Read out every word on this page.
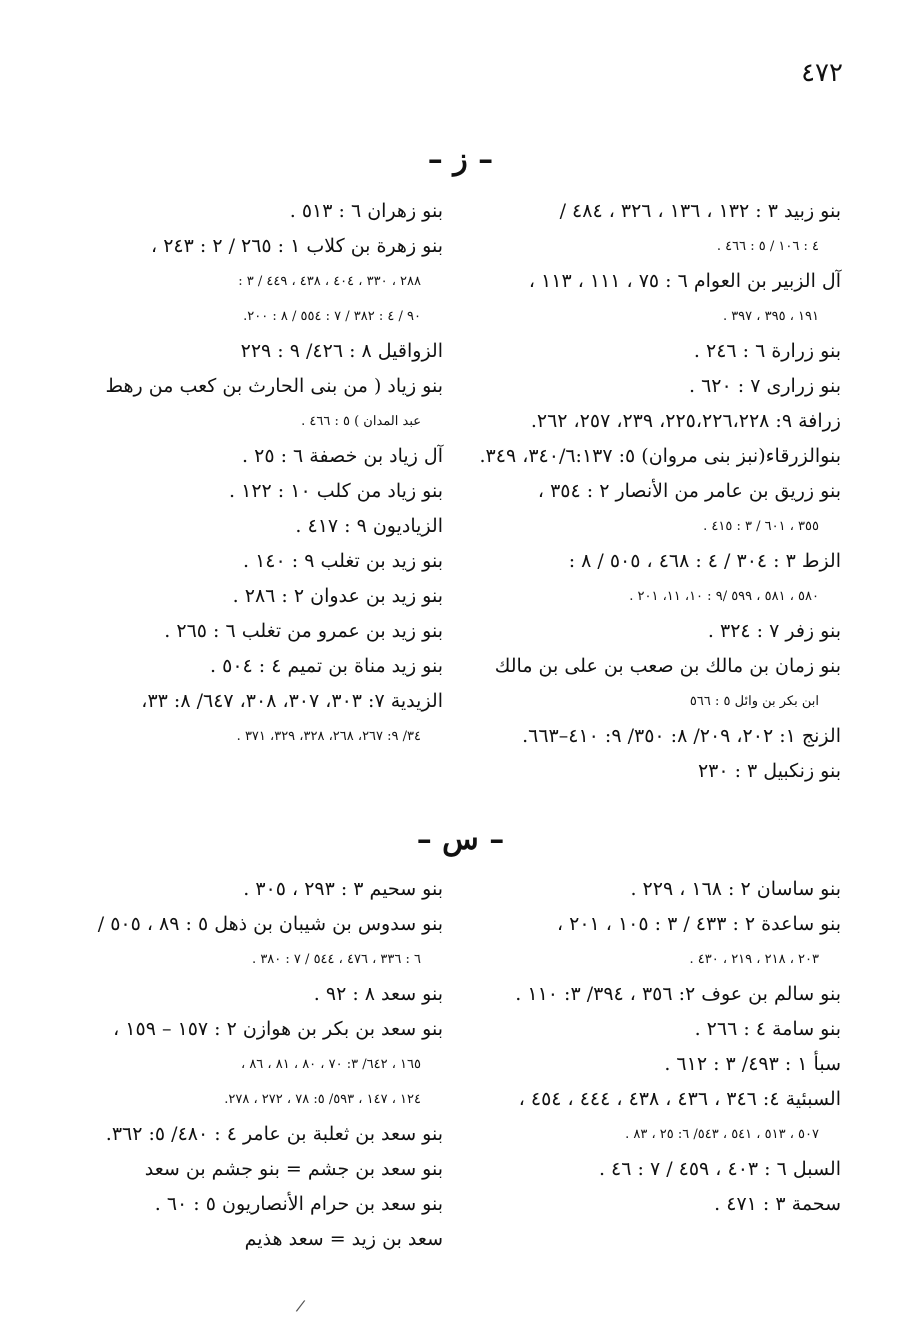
٤٧٢
– ز –
بنو زبيد ٣ : ١٣٢ ، ١٣٦ ، ٣٢٦ ، ٤٨٤ /
٤ : ١٠٦ / ٥ : ٤٦٦ .
آل الزبير بن العوام ٦ : ٧٥ ، ١١١ ، ١١٣ ،
١٩١ ، ٣٩٥ ، ٣٩٧ .
بنو زرارة ٦ : ٢٤٦ .
بنو زرارى ٧ : ٦٢٠ .
زرافة ٩: ٢٢٥،٢٢٦،٢٢٨، ٢٣٩، ٢٥٧، ٢٦٢.
بنوالزرقاء(نبز بنى مروان) ٥: ٣٤٠/٦:١٣٧، ٣٤٩.
بنو زريق بن عامر من الأنصار ٢ : ٣٥٤ ،
٣٥٥ ، ٦٠١ / ٣ : ٤١٥ .
الزط ٣ : ٣٠٤ / ٤ : ٤٦٨ ، ٥٠٥ / ٨ :
٥٨٠ ، ٥٨١ ، ٥٩٩ /٩ : ١٠، ١١، ٢٠١ .
بنو زفر ٧ : ٣٢٤ .
بنو زمان بن مالك بن صعب بن على بن مالك
ابن بكر بن وائل ٥ : ٥٦٦
الزنج ١: ٢٠٢، ٢٠٩/ ٨: ٣٥٠/ ٩: ٤١٠–٦٦٣.
بنو زنكبيل ٣ : ٢٣٠
بنو زهران ٦ : ٥١٣ .
بنو زهرة بن كلاب ١ : ٢٦٥ / ٢ : ٢٤٣ ،
٢٨٨ ، ٣٣٠ ، ٤٠٤ ، ٤٣٨ ، ٤٤٩ / ٣ :
٩٠ / ٤ : ٣٨٢ / ٧ : ٥٥٤ / ٨ : ٢٠٠.
الزواقيل ٨ : ٤٢٦/ ٩ : ٢٢٩
بنو زياد ( من بنى الحارث بن كعب من رهط
عبد المدان ) ٥ : ٤٦٦ .
آل زياد بن خصفة ٦ : ٢٥ .
بنو زياد من كلب ١٠ : ١٢٢ .
الزياديون ٩ : ٤١٧ .
بنو زيد بن تغلب ٩ : ١٤٠ .
بنو زيد بن عدوان ٢ : ٢٨٦ .
بنو زيد بن عمرو من تغلب ٦ : ٢٦٥ .
بنو زيد مناة بن تميم ٤ : ٥٠٤ .
الزيدية ٧: ٣٠٣، ٣٠٧، ٣٠٨، ٦٤٧/ ٨: ٣٣،
٣٤/ ٩: ٢٦٧، ٢٦٨، ٣٢٨، ٣٢٩، ٣٧١ .
– س –
بنو ساسان ٢ : ١٦٨ ، ٢٢٩ .
بنو ساعدة ٢ : ٤٣٣ / ٣ : ١٠٥ ، ٢٠١ ،
٢٠٣ ، ٢١٨ ، ٢١٩ ، ٤٣٠ .
بنو سالم بن عوف ٢: ٣٥٦ ، ٣٩٤/ ٣: ١١٠ .
بنو سامة ٤ : ٢٦٦ .
سبأ ١ : ٤٩٣/ ٣ : ٦١٢ .
السبئية ٤: ٣٤٦ ، ٤٣٦ ، ٤٣٨ ، ٤٤٤ ، ٤٥٤ ،
٥٠٧ ، ٥١٣ ، ٥٤١ ، ٥٤٣/ ٦: ٢٥ ، ٨٣ .
السبل ٦ : ٤٠٣ ، ٤٥٩ / ٧ : ٤٦ .
سحمة ٣ : ٤٧١ .
بنو سحيم ٣ : ٢٩٣ ، ٣٠٥ .
بنو سدوس بن شيبان بن ذهل ٥ : ٨٩ ، ٥٠٥ /
٦ : ٣٣٦ ، ٤٧٦ ، ٥٤٤ / ٧ : ٣٨٠ .
بنو سعد ٨ : ٩٢ .
بنو سعد بن بكر بن هوازن ٢ : ١٥٧ – ١٥٩ ،
١٦٥ ، ٦٤٢/ ٣: ٧٠ ، ٨٠ ، ٨١ ، ٨٦ ،
١٢٤ ، ١٤٧ ، ٥٩٣/ ٥: ٧٨ ، ٢٧٢ ، ٢٧٨.
بنو سعد بن ثعلبة بن عامر ٤ : ٤٨٠/ ٥: ٣٦٢.
بنو سعد بن جشم = بنو جشم بن سعد
بنو سعد بن حرام الأنصاريون ٥ : ٦٠ .
سعد بن زيد = سعد هذيم
/
